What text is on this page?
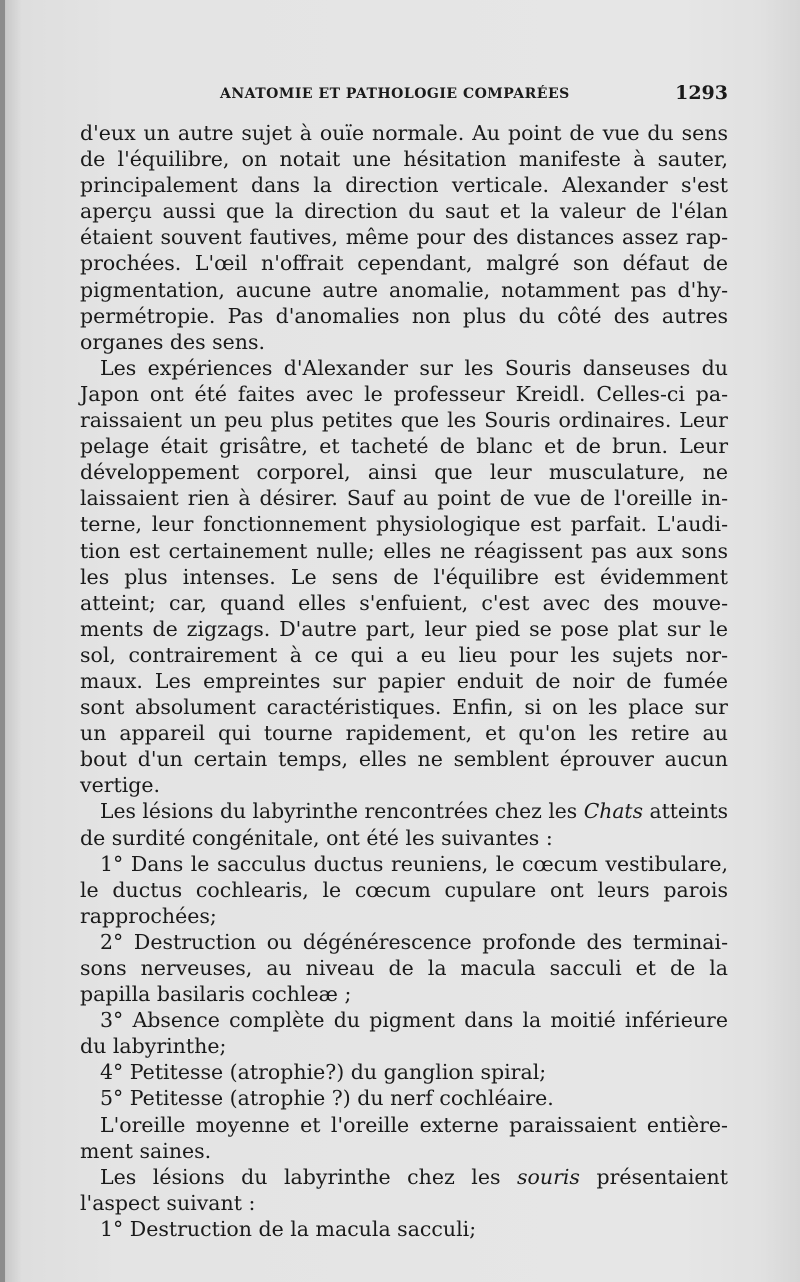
ANATOMIE ET PATHOLOGIE COMPARÉES	1293
d'eux un autre sujet à ouïe normale. Au point de vue du sens
de l'équilibre, on notait une hésitation manifeste à sauter,
principalement dans la direction verticale. Alexander s'est
aperçu aussi que la direction du saut et la valeur de l'élan
étaient souvent fautives, même pour des distances assez rap-
prochées. L'œil n'offrait cependant, malgré son défaut de
pigmentation, aucune autre anomalie, notamment pas d'hy-
permétropie. Pas d'anomalies non plus du côté des autres
organes des sens.
Les expériences d'Alexander sur les Souris danseuses du
Japon ont été faites avec le professeur Kreidl. Celles-ci pa-
raissaient un peu plus petites que les Souris ordinaires. Leur
pelage était grisâtre, et tacheté de blanc et de brun. Leur
développement corporel, ainsi que leur musculature, ne
laissaient rien à désirer. Sauf au point de vue de l'oreille in-
terne, leur fonctionnement physiologique est parfait. L'audi-
tion est certainement nulle; elles ne réagissent pas aux sons
les plus intenses. Le sens de l'équilibre est évidemment
atteint; car, quand elles s'enfuient, c'est avec des mouve-
ments de zigzags. D'autre part, leur pied se pose plat sur le
sol, contrairement à ce qui a eu lieu pour les sujets nor-
maux. Les empreintes sur papier enduit de noir de fumée
sont absolument caractéristiques. Enfin, si on les place sur
un appareil qui tourne rapidement, et qu'on les retire au
bout d'un certain temps, elles ne semblent éprouver aucun
vertige.
Les lésions du labyrinthe rencontrées chez les Chats atteints
de surdité congénitale, ont été les suivantes :
1° Dans le sacculus ductus reuniens, le cœcum vestibulare,
le ductus cochlearis, le cœcum cupulare ont leurs parois
rapprochées;
2° Destruction ou dégénérescence profonde des terminai-
sons nerveuses, au niveau de la macula sacculi et de la
papilla basilaris cochleæ ;
3° Absence complète du pigment dans la moitié inférieure
du labyrinthe;
4° Petitesse (atrophie?) du ganglion spiral;
5° Petitesse (atrophie ?) du nerf cochléaire.
L'oreille moyenne et l'oreille externe paraissaient entière-
ment saines.
Les lésions du labyrinthe chez les souris présentaient
l'aspect suivant :
1° Destruction de la macula sacculi;
